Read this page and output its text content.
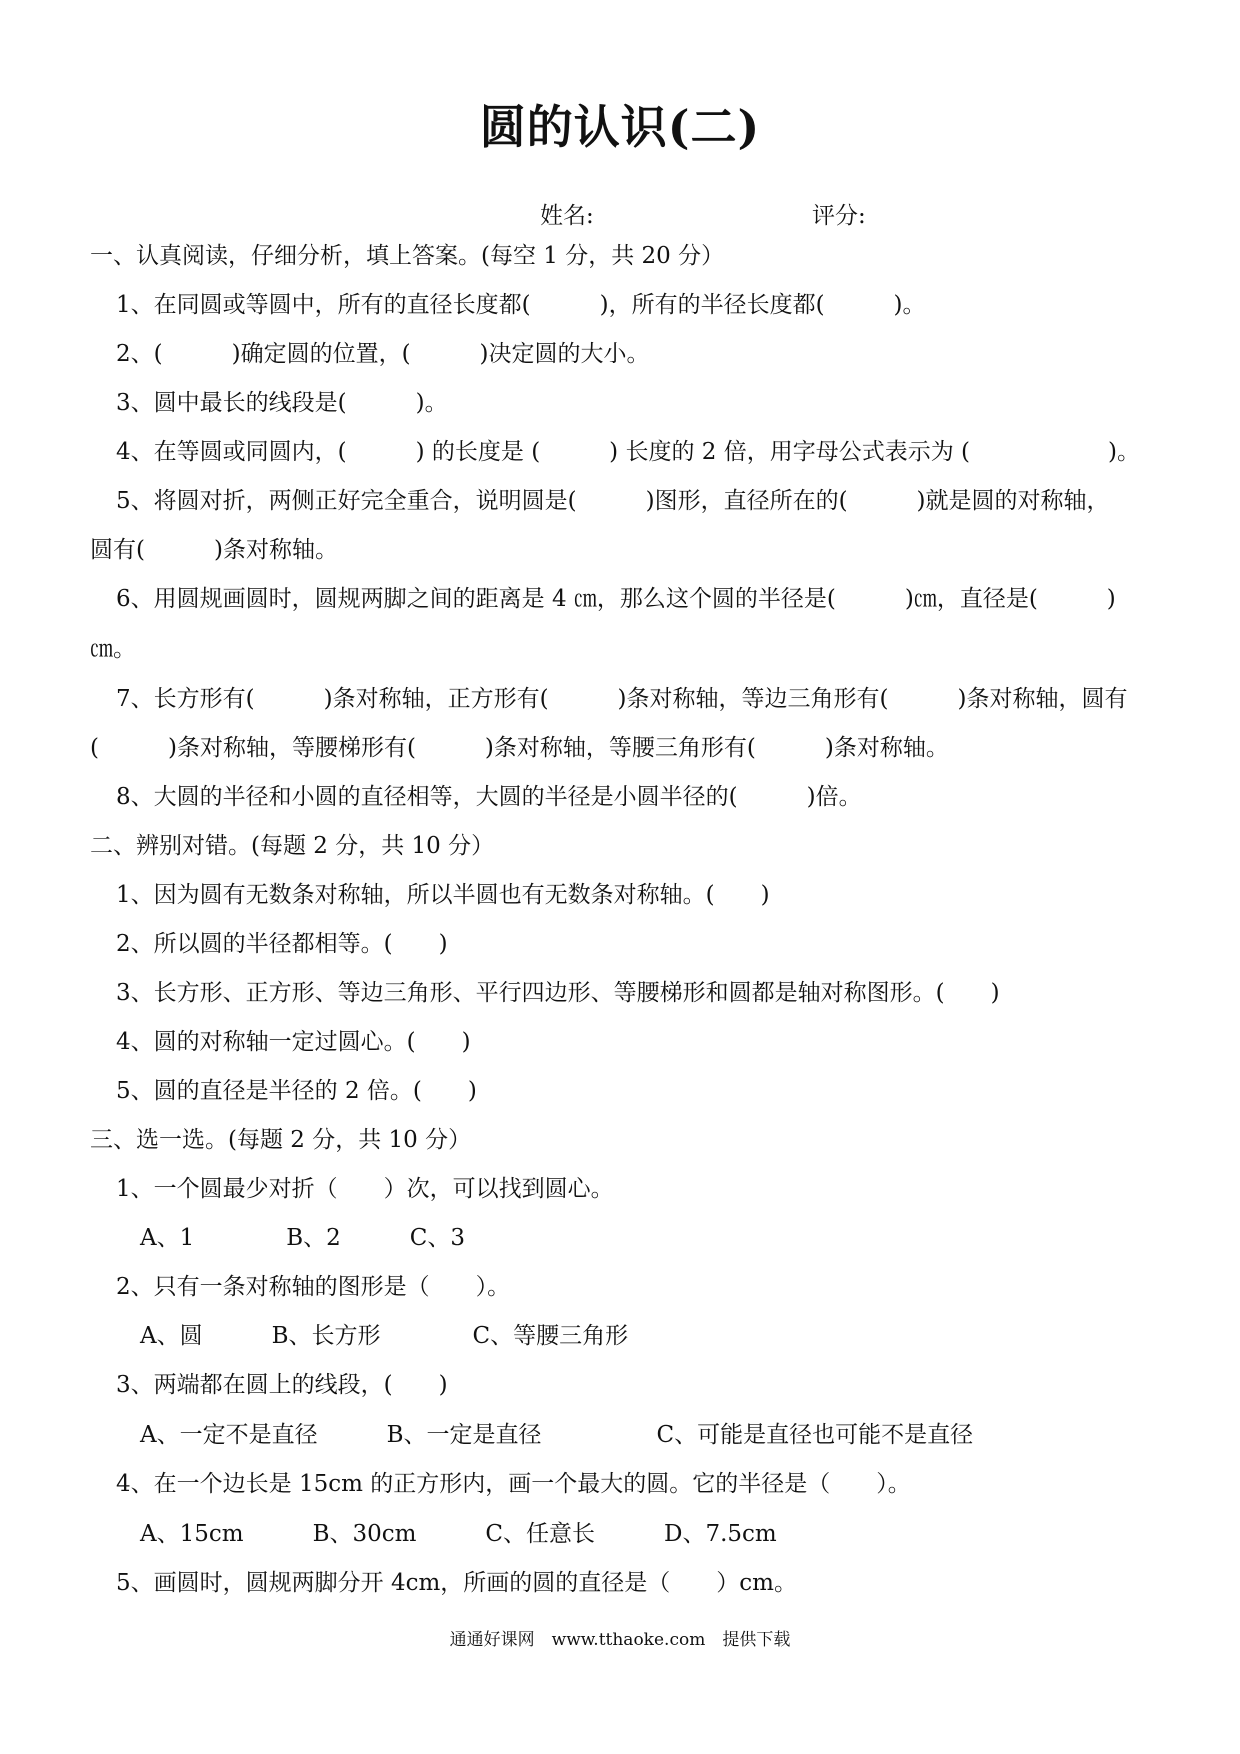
圆的认识(二)
姓名:	评分:
一、认真阅读，仔细分析，填上答案。(每空 1 分，共 20 分）
1、在同圆或等圆中，所有的直径长度都(　　　)，所有的半径长度都(　　　)。
2、(　　　)确定圆的位置，(　　　)决定圆的大小。
3、圆中最长的线段是(　　　)。
4、在等圆或同圆内，(　　　) 的长度是 (　　　) 长度的 2 倍，用字母公式表示为 (　　　　　　)。
5、将圆对折，两侧正好完全重合，说明圆是(　　　)图形，直径所在的(　　　)就是圆的对称轴，
圆有(　　　)条对称轴。
6、用圆规画圆时，圆规两脚之间的距离是 4 ㎝，那么这个圆的半径是(　　　)㎝，直径是(　　　)
㎝。
7、长方形有(　　　)条对称轴，正方形有(　　　)条对称轴，等边三角形有(　　　)条对称轴，圆有
(　　　)条对称轴，等腰梯形有(　　　)条对称轴，等腰三角形有(　　　)条对称轴。
8、大圆的半径和小圆的直径相等，大圆的半径是小圆半径的(　　　)倍。
二、辨别对错。(每题 2 分，共 10 分）
1、因为圆有无数条对称轴，所以半圆也有无数条对称轴。(　　)
2、所以圆的半径都相等。(　　)
3、长方形、正方形、等边三角形、平行四边形、等腰梯形和圆都是轴对称图形。(　　)
4、圆的对称轴一定过圆心。(　　)
5、圆的直径是半径的 2 倍。(　　)
三、选一选。(每题 2 分，共 10 分）
1、一个圆最少对折（　　）次，可以找到圆心。
A、1　　　　B、2　　　C、3
2、只有一条对称轴的图形是（　　）。
A、圆　　　B、长方形　　　　C、等腰三角形
3、两端都在圆上的线段，(　　)
A、一定不是直径　　　B、一定是直径　　　　　C、可能是直径也可能不是直径
4、在一个边长是 15cm 的正方形内，画一个最大的圆。它的半径是（　　）。
A、15cm　　　B、30cm　　　C、任意长　　　D、7.5cm
5、画圆时，圆规两脚分开 4cm，所画的圆的直径是（　　）cm。
通通好课网　www.tthaoke.com　提供下载
